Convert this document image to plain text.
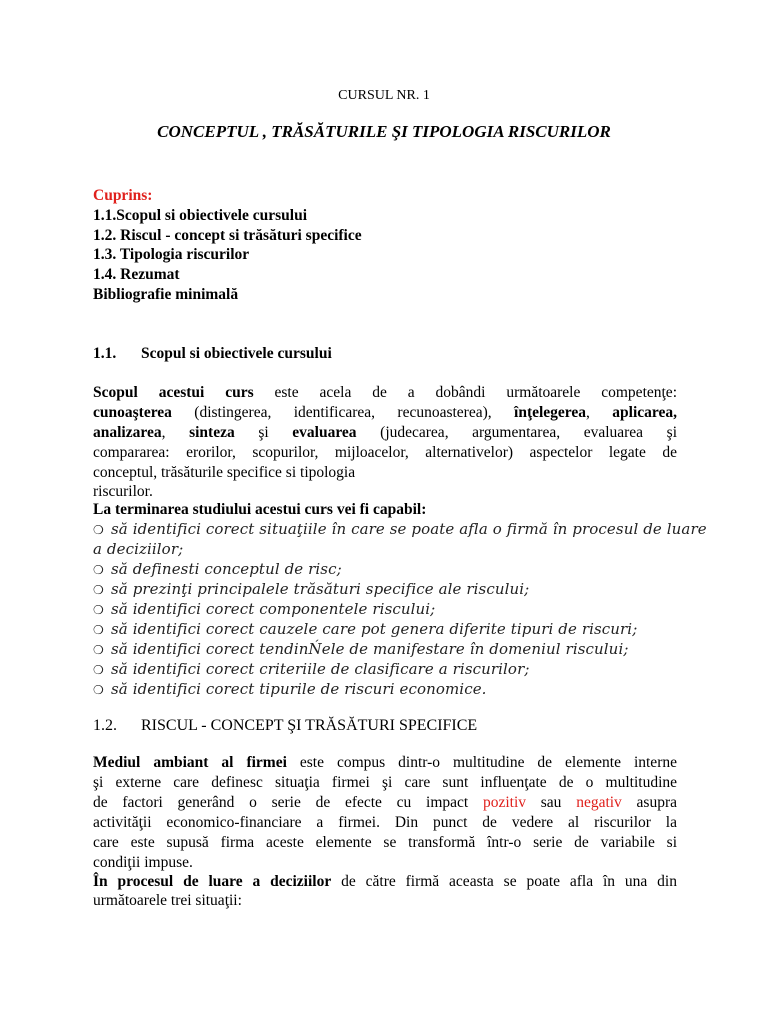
CURSUL NR. 1
CONCEPTUL , TRĂSĂTURILE ŞI TIPOLOGIA RISCURILOR
Cuprins:
1.1.Scopul si obiectivele cursului
1.2. Riscul - concept si trăsături specifice
1.3. Tipologia riscurilor
1.4. Rezumat
Bibliografie minimală
1.1. Scopul si obiectivele cursului
Scopul acestui curs este acela de a dobândi următoarele competenţe:
cunoaşterea (distingerea, identificarea, recunoasterea), înţelegerea, aplicarea,
analizarea, sinteza şi evaluarea (judecarea, argumentarea, evaluarea şi
compararea: erorilor, scopurilor, mijloacelor, alternativelor) aspectelor legate de
conceptul, trăsăturile specifice si tipologia
riscurilor.
La terminarea studiului acestui curs vei fi capabil:
❍ să identifici corect situaţiile în care se poate afla o firmă în procesul de luare
a deciziilor;
❍ să definesti conceptul de risc;
❍ să prezinţi principalele trăsături specifice ale riscului;
❍ să identifici corect componentele riscului;
❍ să identifici corect cauzele care pot genera diferite tipuri de riscuri;
❍ să identifici corect tendinŃele de manifestare în domeniul riscului;
❍ să identifici corect criteriile de clasificare a riscurilor;
❍ să identifici corect tipurile de riscuri economice.
1.2. RISCUL - CONCEPT ŞI TRĂSĂTURI SPECIFICE
Mediul ambiant al firmei este compus dintr-o multitudine de elemente interne
şi externe care definesc situaţia firmei şi care sunt influenţate de o multitudine
de factori generând o serie de efecte cu impact pozitiv sau negativ asupra
activităţii economico-financiare a firmei. Din punct de vedere al riscurilor la
care este supusă firma aceste elemente se transformă într-o serie de variabile si
condiţii impuse.
În procesul de luare a deciziilor de către firmă aceasta se poate afla în una din
următoarele trei situaţii:
